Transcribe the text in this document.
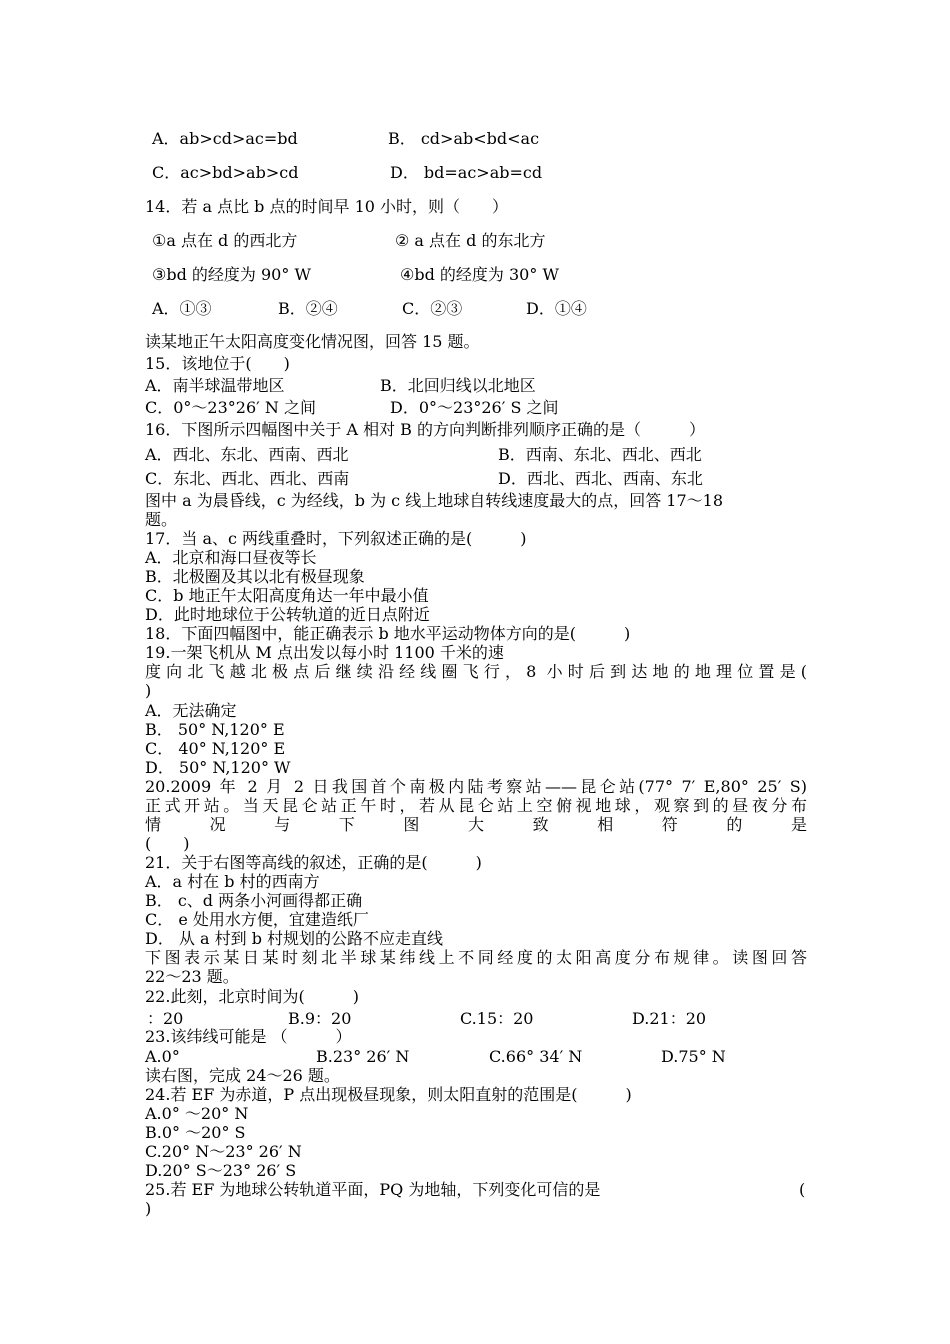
A．ab>cd>ac=bd	B． cd>ab<bd<ac
C．ac>bd>ab>cd	D． bd=ac>ab=cd
14．若 a 点比 b 点的时间早 10 小时，则（　　）
①a 点在 d 的西北方	② a 点在 d 的东北方
③bd 的经度为 90° W	④bd 的经度为 30° W
A．①③	B．②④	C．②③	D．①④
读某地正午太阳高度变化情况图，回答 15 题。
15．该地位于(　　)
A．南半球温带地区	B．北回归线以北地区
C．0°～23°26′ N 之间	D．0°～23°26′ S 之间
16．下图所示四幅图中关于 A 相对 B 的方向判断排列顺序正确的是（　　　）
A．西北、东北、西南、西北	B．西南、东北、西北、西北
C．东北、西北、西北、西南	D．西北、西北、西南、东北
图中 a 为晨昏线，c 为经线，b 为 c 线上地球自转线速度最大的点，回答 17～18
题。
17．当 a、c 两线重叠时，下列叙述正确的是(　　　)
A．北京和海口昼夜等长
B．北极圈及其以北有极昼现象
C．b 地正午太阳高度角达一年中最小值
D．此时地球位于公转轨道的近日点附近
18．下面四幅图中，能正确表示 b 地水平运动物体方向的是(　　　)
19.一架飞机从 M 点出发以每小时 1100 千米的速
度向北飞越北极点后继续沿经线圈飞行，8 小时后到达地的地理位置是(
)
A．无法确定
B． 50° N,120° E
C． 40° N,120° E
D． 50° N,120° W
20.2009 年 2 月 2 日我国首个南极内陆考察站——昆仑站(77° 7′ E,80° 25′ S)
正式开站。当天昆仑站正午时，若从昆仑站上空俯视地球，观察到的昼夜分布
情 况 与 下 图 大 致 相 符 的 是
(　　)
21．关于右图等高线的叙述，正确的是(　　　)
A．a 村在 b 村的西南方
B． c、d 两条小河画得都正确
C． e 处用水方便，宜建造纸厂
D． 从 a 村到 b 村规划的公路不应走直线
下图表示某日某时刻北半球某纬线上不同经度的太阳高度分布规律。读图回答
22～23 题。
22.此刻，北京时间为(　　　)
：20	B.9：20	C.15：20	D.21：20
23.该纬线可能是 （　　　）
A.0°	B.23° 26′ N	C.66° 34′ N	D.75° N
读右图，完成 24～26 题。
24.若 EF 为赤道，P 点出现极昼现象，则太阳直射的范围是(　　　)
A.0° ～20° N
B.0° ～20° S
C.20° N～23° 26′ N
D.20° S～23° 26′ S
25.若 EF 为地球公转轨道平面，PQ 为地轴，下列变化可信的是	(
)
